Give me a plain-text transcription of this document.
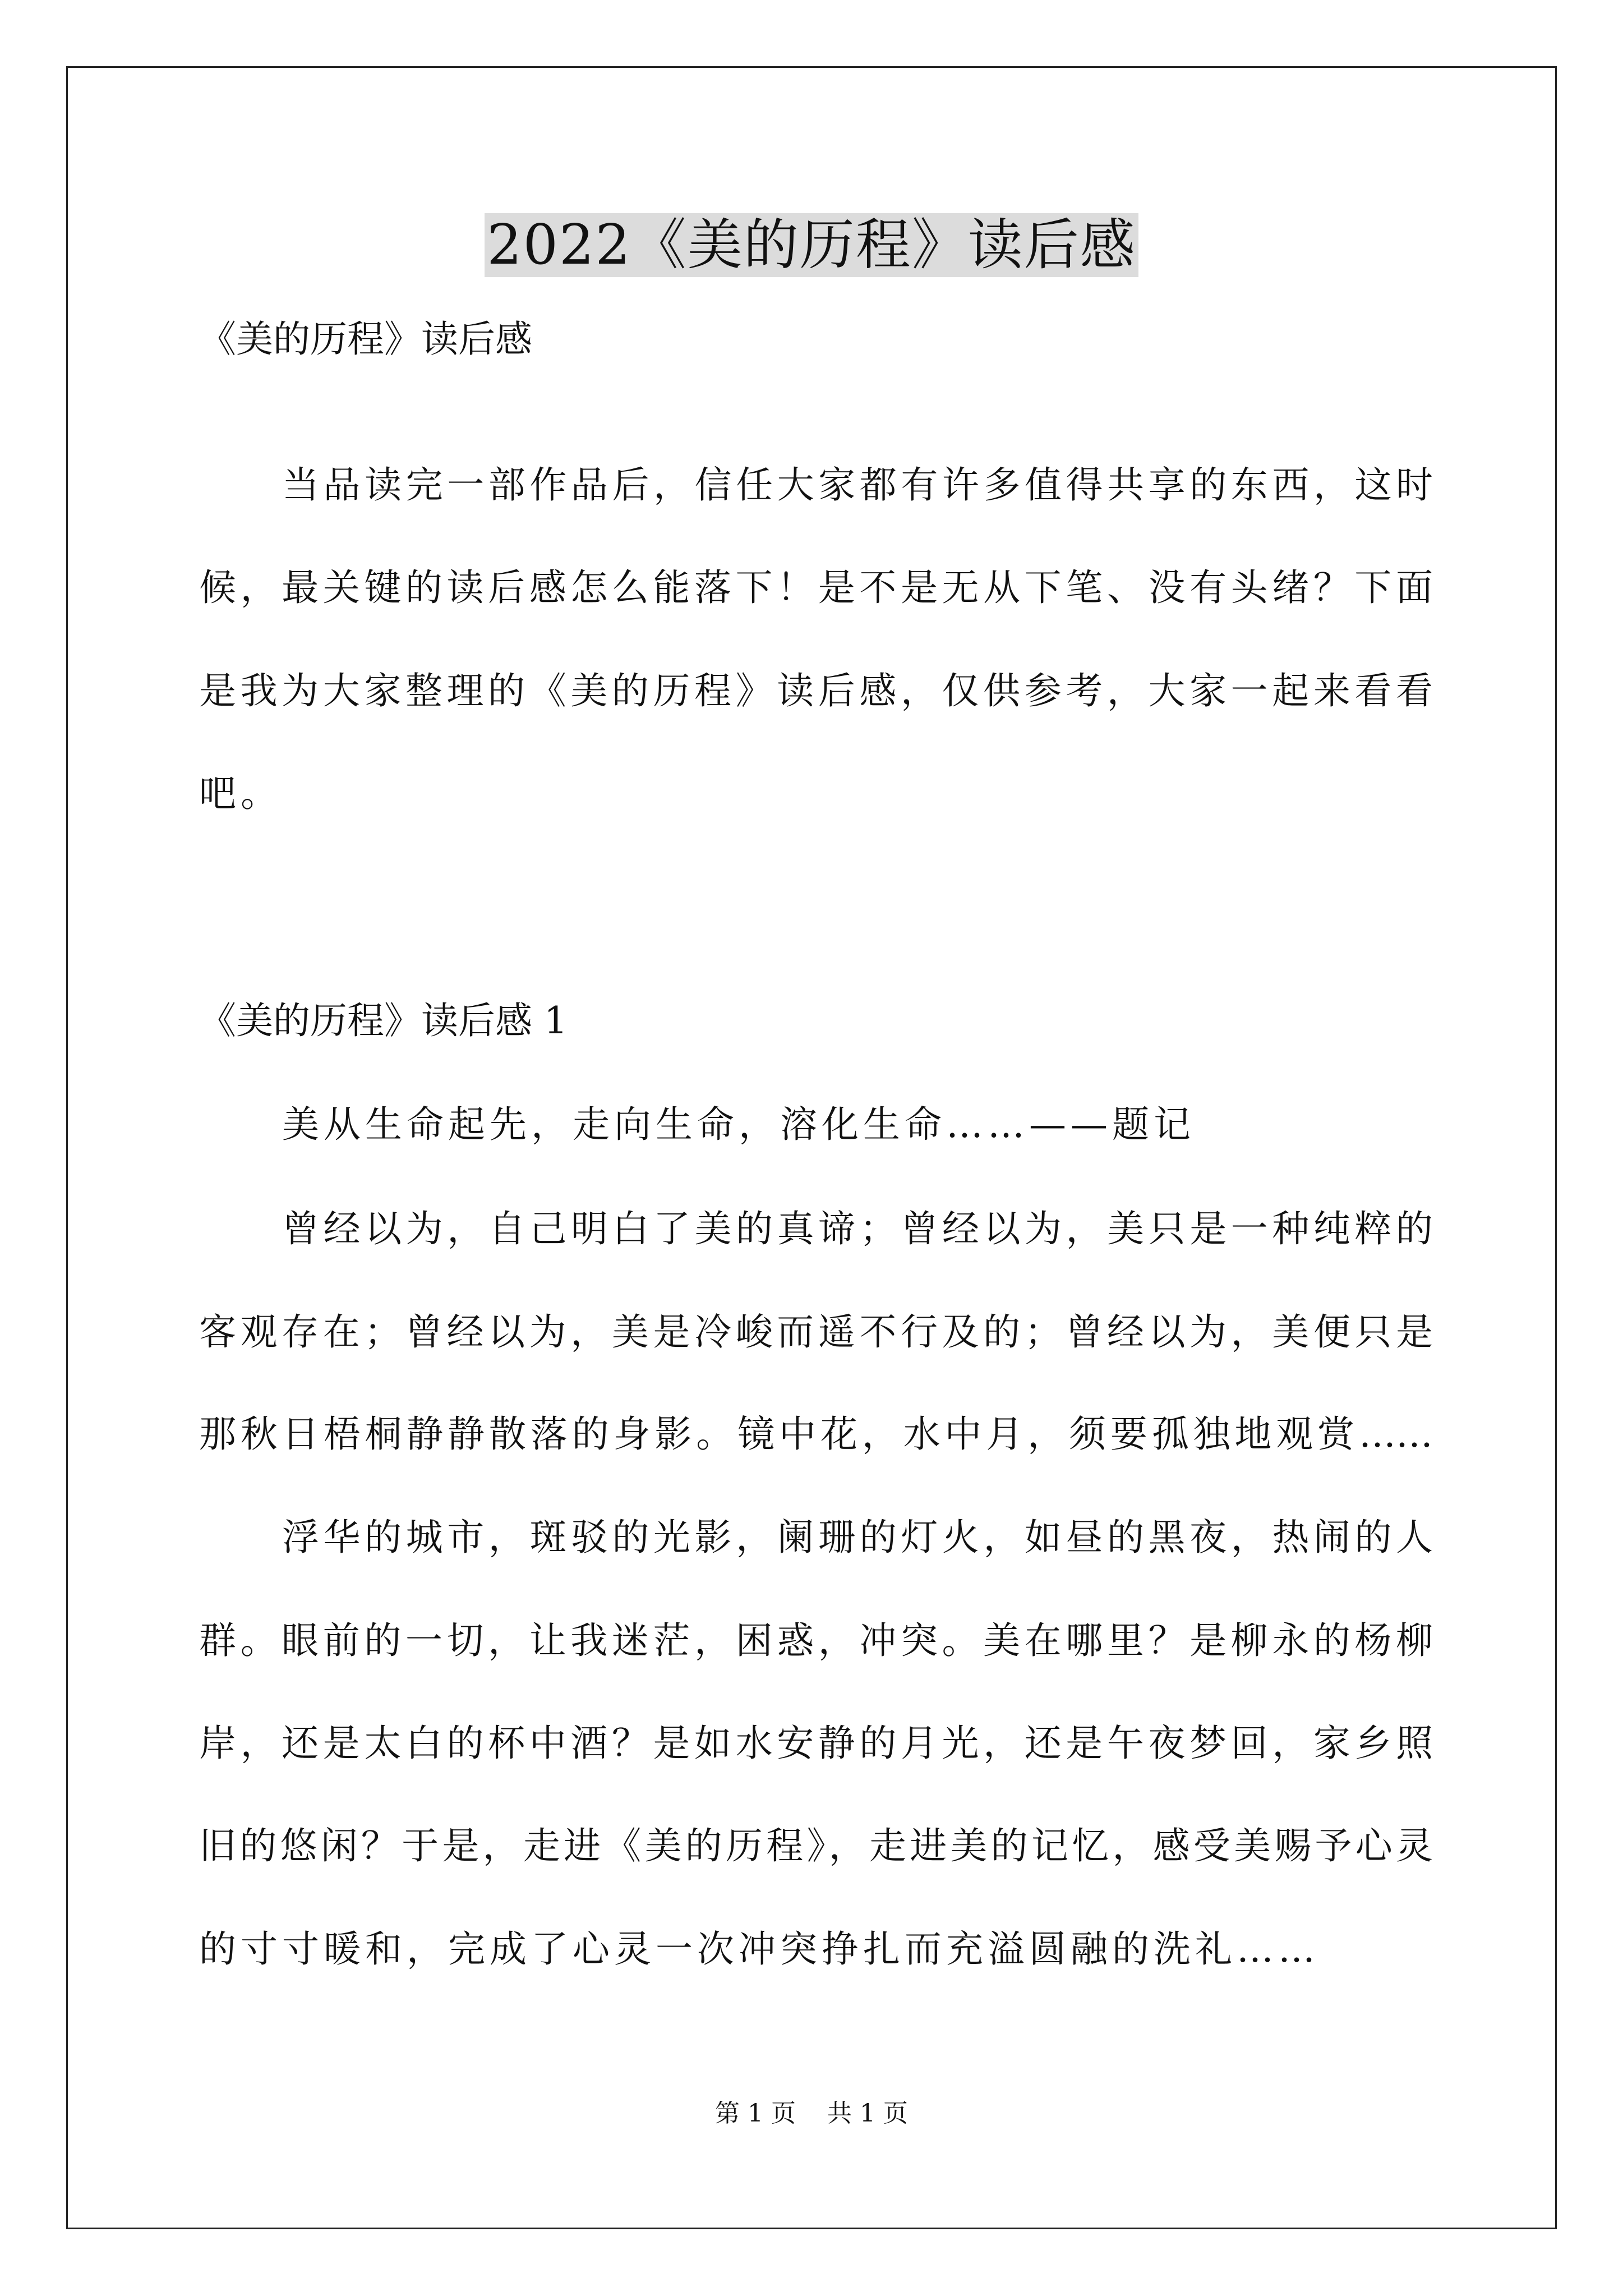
2022《美的历程》读后感
《美的历程》读后感
当品读完一部作品后，信任大家都有许多值得共享的东西，这时
候，最关键的读后感怎么能落下！是不是无从下笔、没有头绪？下面
是我为大家整理的《美的历程》读后感，仅供参考，大家一起来看看
吧。
《美的历程》读后感 1
美从生命起先，走向生命，溶化生命……——题记
曾经以为，自己明白了美的真谛；曾经以为，美只是一种纯粹的
客观存在；曾经以为，美是冷峻而遥不行及的；曾经以为，美便只是
那秋日梧桐静静散落的身影。镜中花，水中月，须要孤独地观赏……
浮华的城市，斑驳的光影，阑珊的灯火，如昼的黑夜，热闹的人
群。眼前的一切，让我迷茫，困惑，冲突。美在哪里？是柳永的杨柳
岸，还是太白的杯中酒？是如水安静的月光，还是午夜梦回，家乡照
旧的悠闲？于是，走进《美的历程》，走进美的记忆，感受美赐予心灵
的寸寸暖和，完成了心灵一次冲突挣扎而充溢圆融的洗礼……
第 1 页    共 1 页
